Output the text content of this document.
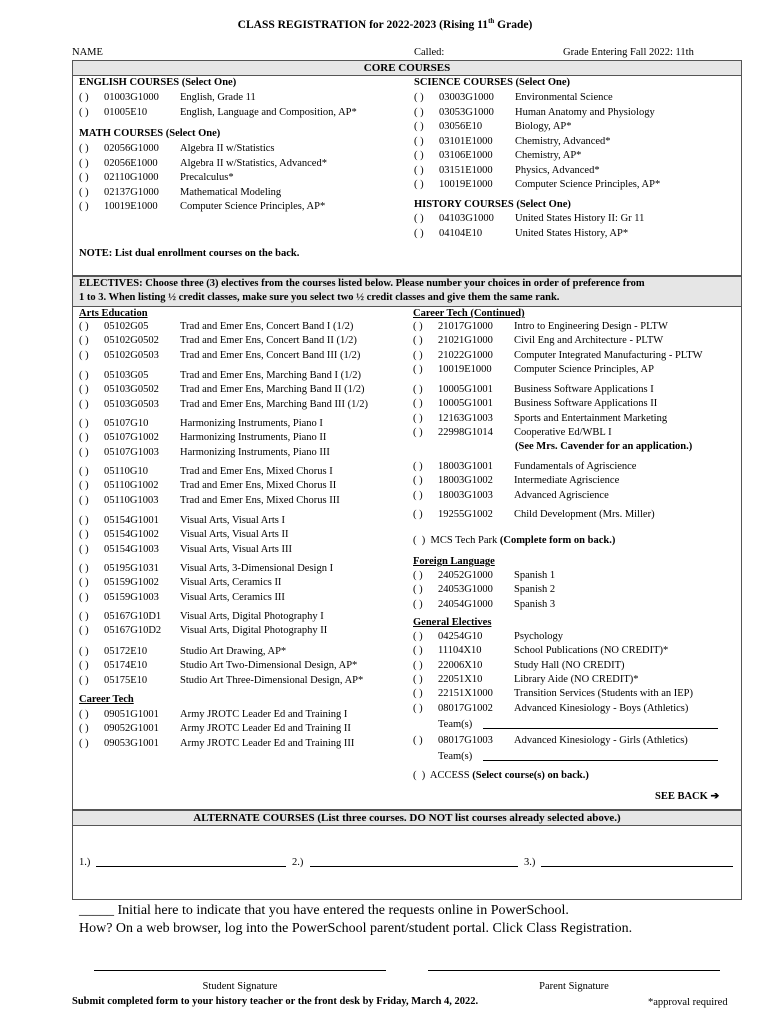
CLASS REGISTRATION for 2022-2023 (Rising 11th Grade)
NAME	Called:	Grade Entering Fall 2022: 11th
CORE COURSES
ENGLISH COURSES (Select One)
( ) 01003G1000 English, Grade 11
( ) 01005E10	English, Language and Composition, AP*
MATH COURSES (Select One)
( ) 02056G1000 Algebra II w/Statistics
( ) 02056E1000 Algebra II w/Statistics, Advanced*
( ) 02110G1000 Precalculus*
( ) 02137G1000 Mathematical Modeling
( ) 10019E1000 Computer Science Principles, AP*
SCIENCE COURSES (Select One)
( ) 03003G1000 Environmental Science
( ) 03053G1000 Human Anatomy and Physiology
( ) 03056E10	Biology, AP*
( ) 03101E1000 Chemistry, Advanced*
( ) 03106E1000 Chemistry, AP*
( ) 03151E1000 Physics, Advanced*
( ) 10019E1000 Computer Science Principles, AP*
HISTORY COURSES (Select One)
( ) 04103G1000 United States History II: Gr 11
( ) 04104E10	United States History, AP*
NOTE: List dual enrollment courses on the back.
ELECTIVES: Choose three (3) electives from the courses listed below. Please number your choices in order of preference from
1 to 3. When listing ½ credit classes, make sure you select two ½ credit classes and give them the same rank.
Arts Education
( ) 05102G05	Trad and Emer Ens, Concert Band I (1/2)
( ) 05102G0502 Trad and Emer Ens, Concert Band II (1/2)
( ) 05102G0503 Trad and Emer Ens, Concert Band III (1/2)
( ) 05103G05	Trad and Emer Ens, Marching Band I (1/2)
( ) 05103G0502 Trad and Emer Ens, Marching Band II (1/2)
( ) 05103G0503 Trad and Emer Ens, Marching Band III (1/2)
( ) 05107G10	Harmonizing Instruments, Piano I
( ) 05107G1002 Harmonizing Instruments, Piano II
( ) 05107G1003 Harmonizing Instruments, Piano III
( ) 05110G10	Trad and Emer Ens, Mixed Chorus I
( ) 05110G1002 Trad and Emer Ens, Mixed Chorus II
( ) 05110G1003 Trad and Emer Ens, Mixed Chorus III
( ) 05154G1001 Visual Arts, Visual Arts I
( ) 05154G1002 Visual Arts, Visual Arts II
( ) 05154G1003 Visual Arts, Visual Arts III
( ) 05195G1031 Visual Arts, 3-Dimensional Design I
( ) 05159G1002 Visual Arts, Ceramics II
( ) 05159G1003 Visual Arts, Ceramics III
( ) 05167G10D1 Visual Arts, Digital Photography I
( ) 05167G10D2 Visual Arts, Digital Photography II
( ) 05172E10	Studio Art Drawing, AP*
( ) 05174E10	Studio Art Two-Dimensional Design, AP*
( ) 05175E10	Studio Art Three-Dimensional Design, AP*
Career Tech
( ) 09051G1001 Army JROTC Leader Ed and Training I
( ) 09052G1001 Army JROTC Leader Ed and Training II
( ) 09053G1001 Army JROTC Leader Ed and Training III
Career Tech (Continued)
( ) 21017G1000 Intro to Engineering Design - PLTW
( ) 21021G1000 Civil Eng and Architecture - PLTW
( ) 21022G1000 Computer Integrated Manufacturing - PLTW
( ) 10019E1000 Computer Science Principles, AP
( ) 10005G1001 Business Software Applications I
( ) 10005G1001 Business Software Applications II
( ) 12163G1003 Sports and Entertainment Marketing
( ) 22998G1014 Cooperative Ed/WBL I
( ) 18003G1001 Fundamentals of Agriscience
( ) 18003G1002 Intermediate Agriscience
( ) 18003G1003 Advanced Agriscience
( ) 19255G1002 Child Development (Mrs. Miller)
(See Mrs. Cavender for an application.)
(  )  MCS Tech Park (Complete form on back.)
Foreign Language
( ) 24052G1000 Spanish 1
( ) 24053G1000 Spanish 2
( ) 24054G1000 Spanish 3
General Electives
( ) 04254G10	Psychology
( ) 11104X10	School Publications (NO CREDIT)*
( ) 22006X10	Study Hall (NO CREDIT)
( ) 22051X10	Library Aide (NO CREDIT)*
( ) 22151X1000 Transition Services (Students with an IEP)
( ) 08017G1002 Advanced Kinesiology - Boys (Athletics)
Team(s)
( ) 08017G1003 Advanced Kinesiology - Girls (Athletics)
Team(s)
(  )  ACCESS (Select course(s) on back.)
SEE BACK ➔
ALTERNATE COURSES (List three courses. DO NOT list courses already selected above.)
1.)	2.)	3.)
_____ Initial here to indicate that you have entered the requests online in PowerSchool.
How? On a web browser, log into the PowerSchool parent/student portal. Click Class Registration.
Student Signature	Parent Signature
Submit completed form to your history teacher or the front desk by Friday, March 4, 2022.	*approval required
